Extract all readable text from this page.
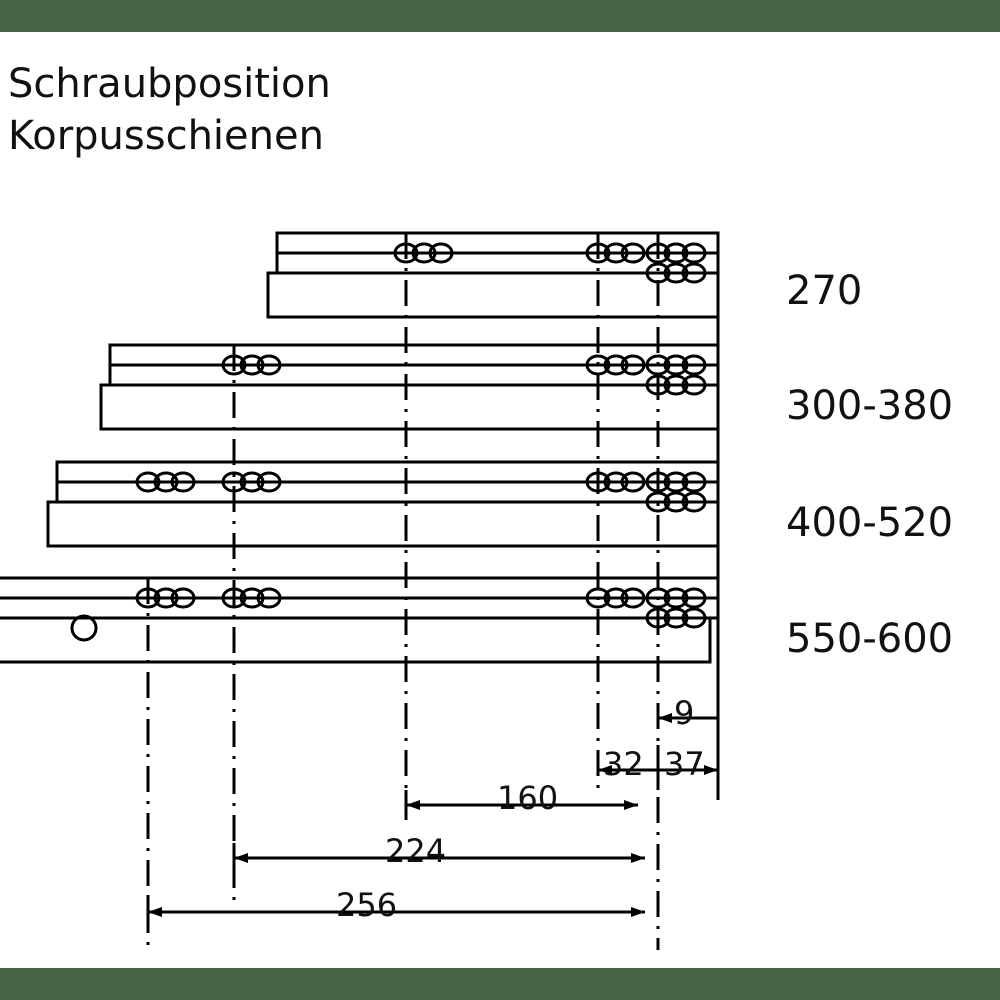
Schraubposition
Korpusschienen
270
300-380
400-520
550-600
9
32 37
160
224
256
